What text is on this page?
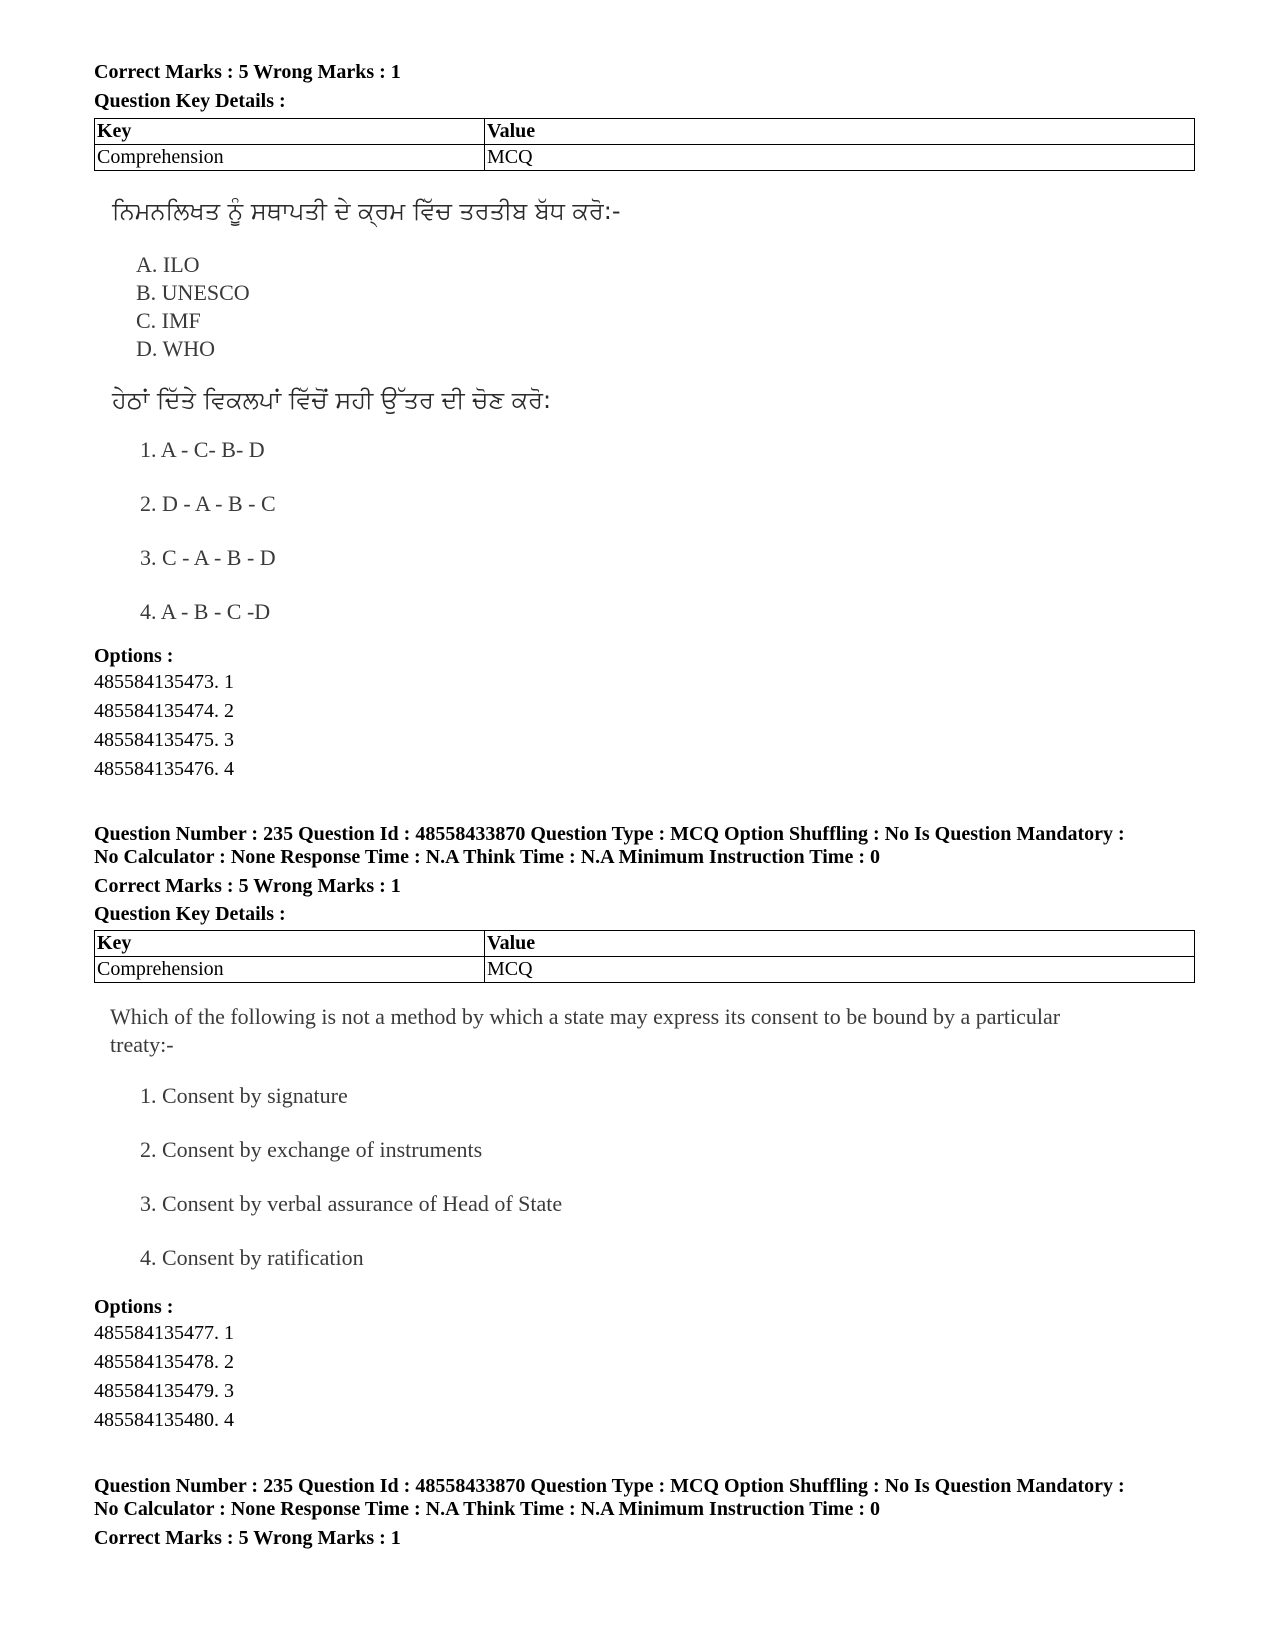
Correct Marks : 5 Wrong Marks : 1
Question Key Details :
Key	Value
Comprehension	MCQ
ਨਿਮਨਲਿਖਤ ਨੂੰ ਸਥਾਪਤੀ ਦੇ ਕ੍ਰਮ ਵਿੱਚ ਤਰਤੀਬ ਬੱਧ ਕਰੋ:-
A. ILO
B. UNESCO
C. IMF
D. WHO
ਹੇਠਾਂ ਦਿੱਤੇ ਵਿਕਲਪਾਂ ਵਿੱਚੋਂ ਸਹੀ ਉੱਤਰ ਦੀ ਚੋਣ ਕਰੋ:
1. A - C- B- D
2. D - A - B - C
3. C - A - B - D
4. A - B - C -D
Options :
485584135473. 1
485584135474. 2
485584135475. 3
485584135476. 4
Question Number : 235 Question Id : 48558433870 Question Type : MCQ Option Shuffling : No Is Question Mandatory :
No Calculator : None Response Time : N.A Think Time : N.A Minimum Instruction Time : 0
Correct Marks : 5 Wrong Marks : 1
Question Key Details :
Key	Value
Comprehension	MCQ
Which of the following is not a method by which a state may express its consent to be bound by a particular
treaty:-
1. Consent by signature
2. Consent by exchange of instruments
3. Consent by verbal assurance of Head of State
4. Consent by ratification
Options :
485584135477. 1
485584135478. 2
485584135479. 3
485584135480. 4
Question Number : 235 Question Id : 48558433870 Question Type : MCQ Option Shuffling : No Is Question Mandatory :
No Calculator : None Response Time : N.A Think Time : N.A Minimum Instruction Time : 0
Correct Marks : 5 Wrong Marks : 1
